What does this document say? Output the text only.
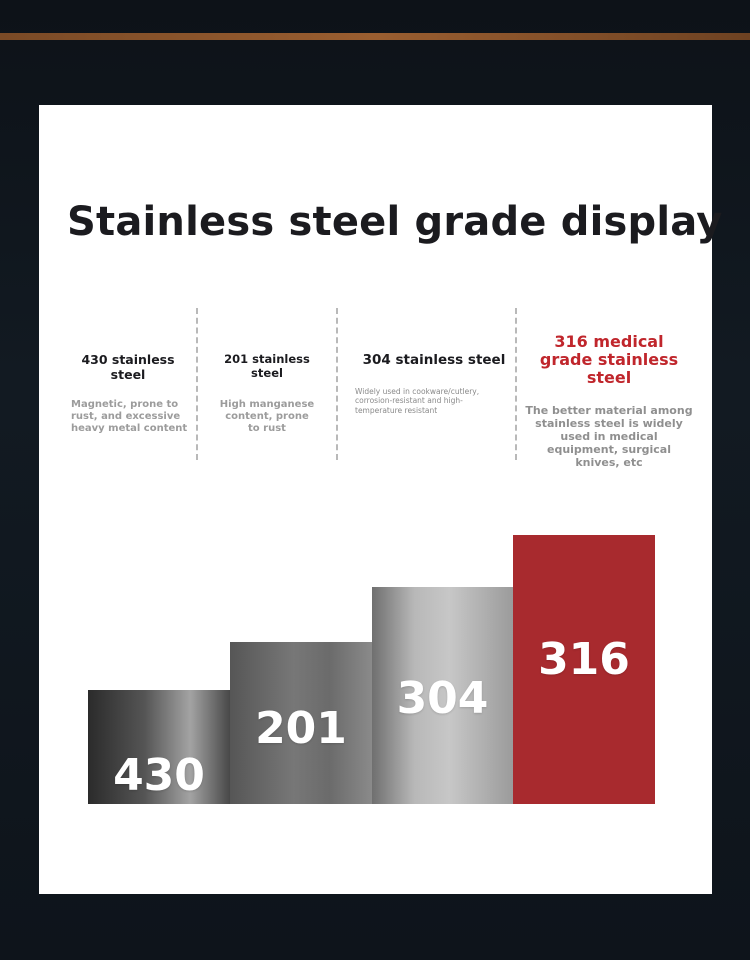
Stainless steel grade display

430 stainless steel

Magnetic, prone to rust, and excessive heavy metal content

201 stainless steel

High manganese content, prone to rust

304 stainless steel

Widely used in cookware/cutlery, corrosion-resistant and high-temperature resistant

316 medical grade stainless steel

The better material among stainless steel is widely used in medical equipment, surgical knives, etc

430
201
304
316
